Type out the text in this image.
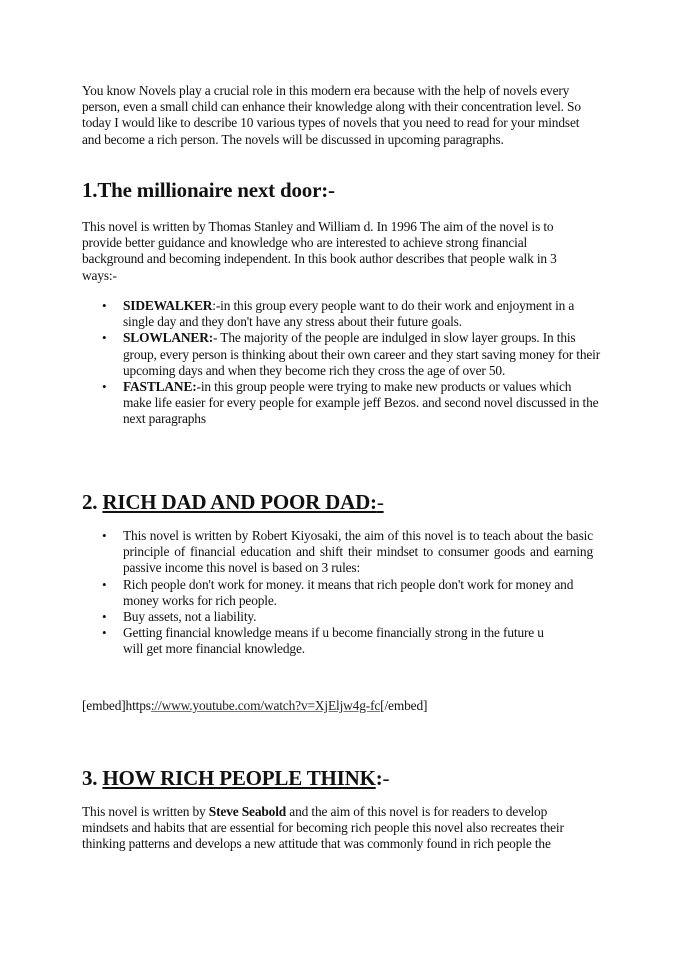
You know Novels play a crucial role in this modern era because with the help of novels every person, even a small child can enhance their knowledge along with their concentration level. So today I would like to describe 10 various types of novels that you need to read for your mindset and become a rich person. The novels will be discussed in upcoming paragraphs.

1.The millionaire next door:-

This novel is written by Thomas Stanley and William d. In 1996 The aim of the novel is to provide better guidance and knowledge who are interested to achieve strong financial background and becoming independent. In this book author describes that people walk in 3 ways:-

• SIDEWALKER:-in this group every people want to do their work and enjoyment in a single day and they don't have any stress about their future goals.
• SLOWLANER:- The majority of the people are indulged in slow layer groups. In this group, every person is thinking about their own career and they start saving money for their upcoming days and when they become rich they cross the age of over 50.
• FASTLANE:-in this group people were trying to make new products or values which make life easier for every people for example jeff Bezos. and second novel discussed in the next paragraphs
2. RICH DAD AND POOR DAD:-
• This novel is written by Robert Kiyosaki, the aim of this novel is to teach about the basic principle of financial education and shift their mindset to consumer goods and earning passive income this novel is based on 3 rules:
• Rich people don't work for money. it means that rich people don't work for money and money works for rich people.
• Buy assets, not a liability.
• Getting financial knowledge means if u become financially strong in the future u will get more financial knowledge.

[embed]https://www.youtube.com/watch?v=XjEljw4g-fc[/embed]

3. HOW RICH PEOPLE THINK:-

This novel is written by Steve Seabold and the aim of this novel is for readers to develop mindsets and habits that are essential for becoming rich people this novel also recreates their thinking patterns and develops a new attitude that was commonly found in rich people the
